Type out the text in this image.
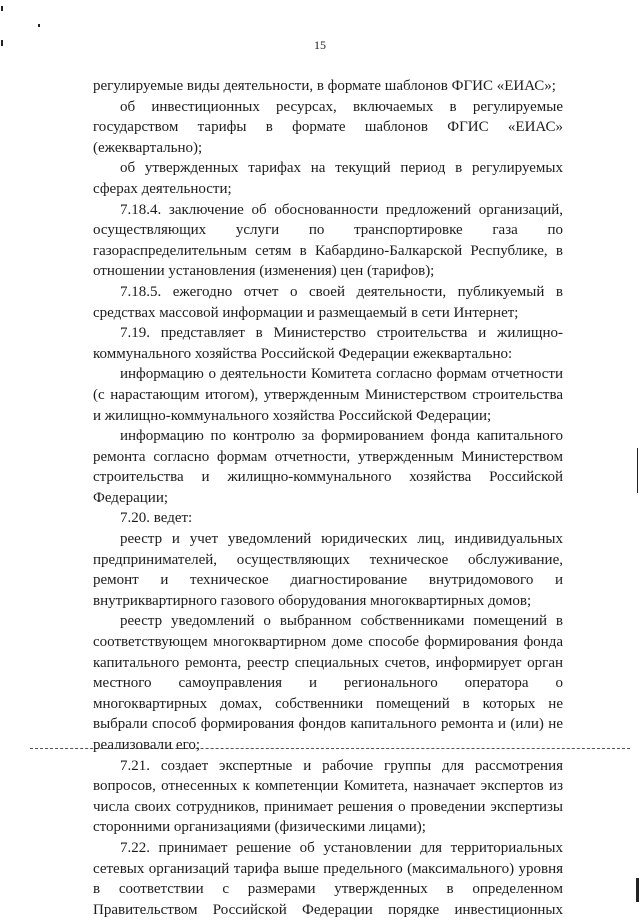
15

регулируемые виды деятельности, в формате шаблонов ФГИС «ЕИАС»;

об инвестиционных ресурсах, включаемых в регулируемые государством тарифы в формате шаблонов ФГИС «ЕИАС» (ежеквартально);

об утвержденных тарифах на текущий период в регулируемых сферах деятельности;

7.18.4. заключение об обоснованности предложений организаций, осуществляющих услуги по транспортировке газа по газораспределительным сетям в Кабардино-Балкарской Республике, в отношении установления (изменения) цен (тарифов);

7.18.5. ежегодно отчет о своей деятельности, публикуемый в средствах массовой информации и размещаемый в сети Интернет;

7.19. представляет в Министерство строительства и жилищно-коммунального хозяйства Российской Федерации ежеквартально:

информацию о деятельности Комитета согласно формам отчетности (с нарастающим итогом), утвержденным Министерством строительства и жилищно-коммунального хозяйства Российской Федерации;

информацию по контролю за формированием фонда капитального ремонта согласно формам отчетности, утвержденным Министерством строительства и жилищно-коммунального хозяйства Российской Федерации;

7.20. ведет:

реестр и учет уведомлений юридических лиц, индивидуальных предпринимателей, осуществляющих техническое обслуживание, ремонт и техническое диагностирование внутридомового и внутриквартирного газового оборудования многоквартирных домов;

реестр уведомлений о выбранном собственниками помещений в соответствующем многоквартирном доме способе формирования фонда капитального ремонта, реестр специальных счетов, информирует орган местного самоуправления и регионального оператора о многоквартирных домах, собственники помещений в которых не выбрали способ формирования фондов капитального ремонта и (или) не реализовали его;

7.21. создает экспертные и рабочие группы для рассмотрения вопросов, отнесенных к компетенции Комитета, назначает экспертов из числа своих сотрудников, принимает решения о проведении экспертизы сторонними организациями (физическими лицами);

7.22. принимает решение об установлении для территориальных сетевых организаций тарифа выше предельного (максимального) уровня в соответствии с размерами утвержденных в определенном Правительством Российской Федерации порядке инвестиционных
